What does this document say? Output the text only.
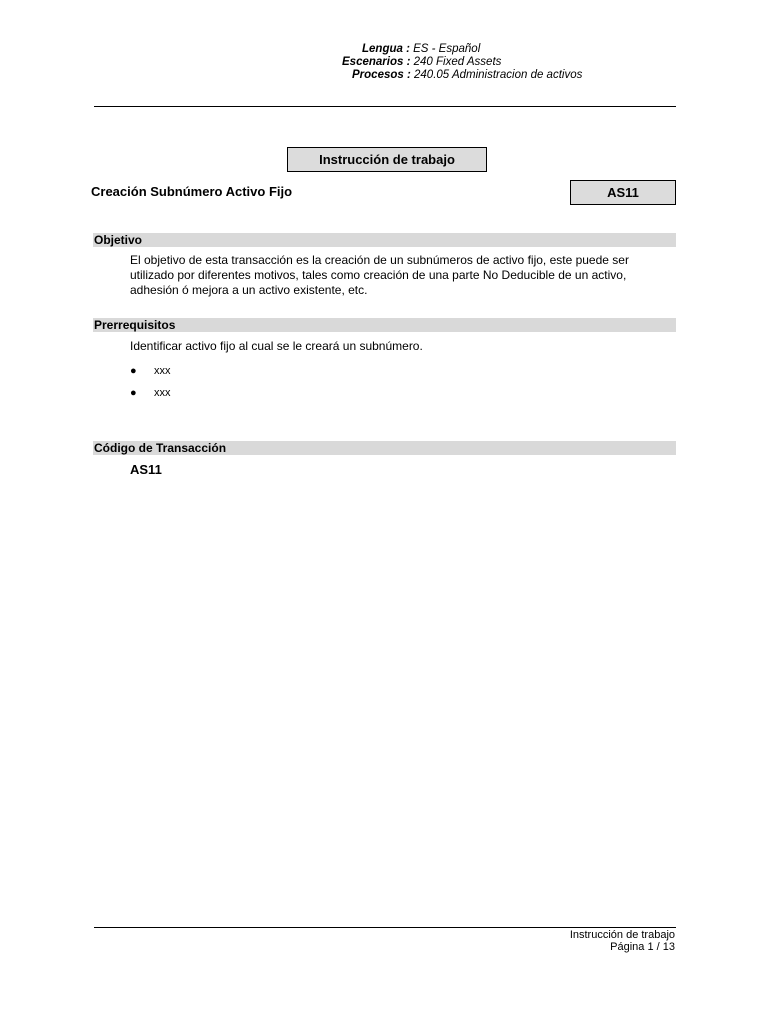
Lengua : ES - Español
Escenarios : 240 Fixed Assets
Procesos : 240.05 Administracion de activos
Instrucción de trabajo
Creación Subnúmero Activo Fijo	AS11
Objetivo
El objetivo de esta transacción es la creación de un subnúmeros de activo fijo, este puede ser utilizado por diferentes motivos, tales como creación de una parte No Deducible de un activo, adhesión ó mejora a un activo existente, etc.
Prerrequisitos
Identificar activo fijo al cual se le creará un subnúmero.
● xxx
● xxx
Código de Transacción
AS11
Instrucción de trabajo
Página 1 / 13
